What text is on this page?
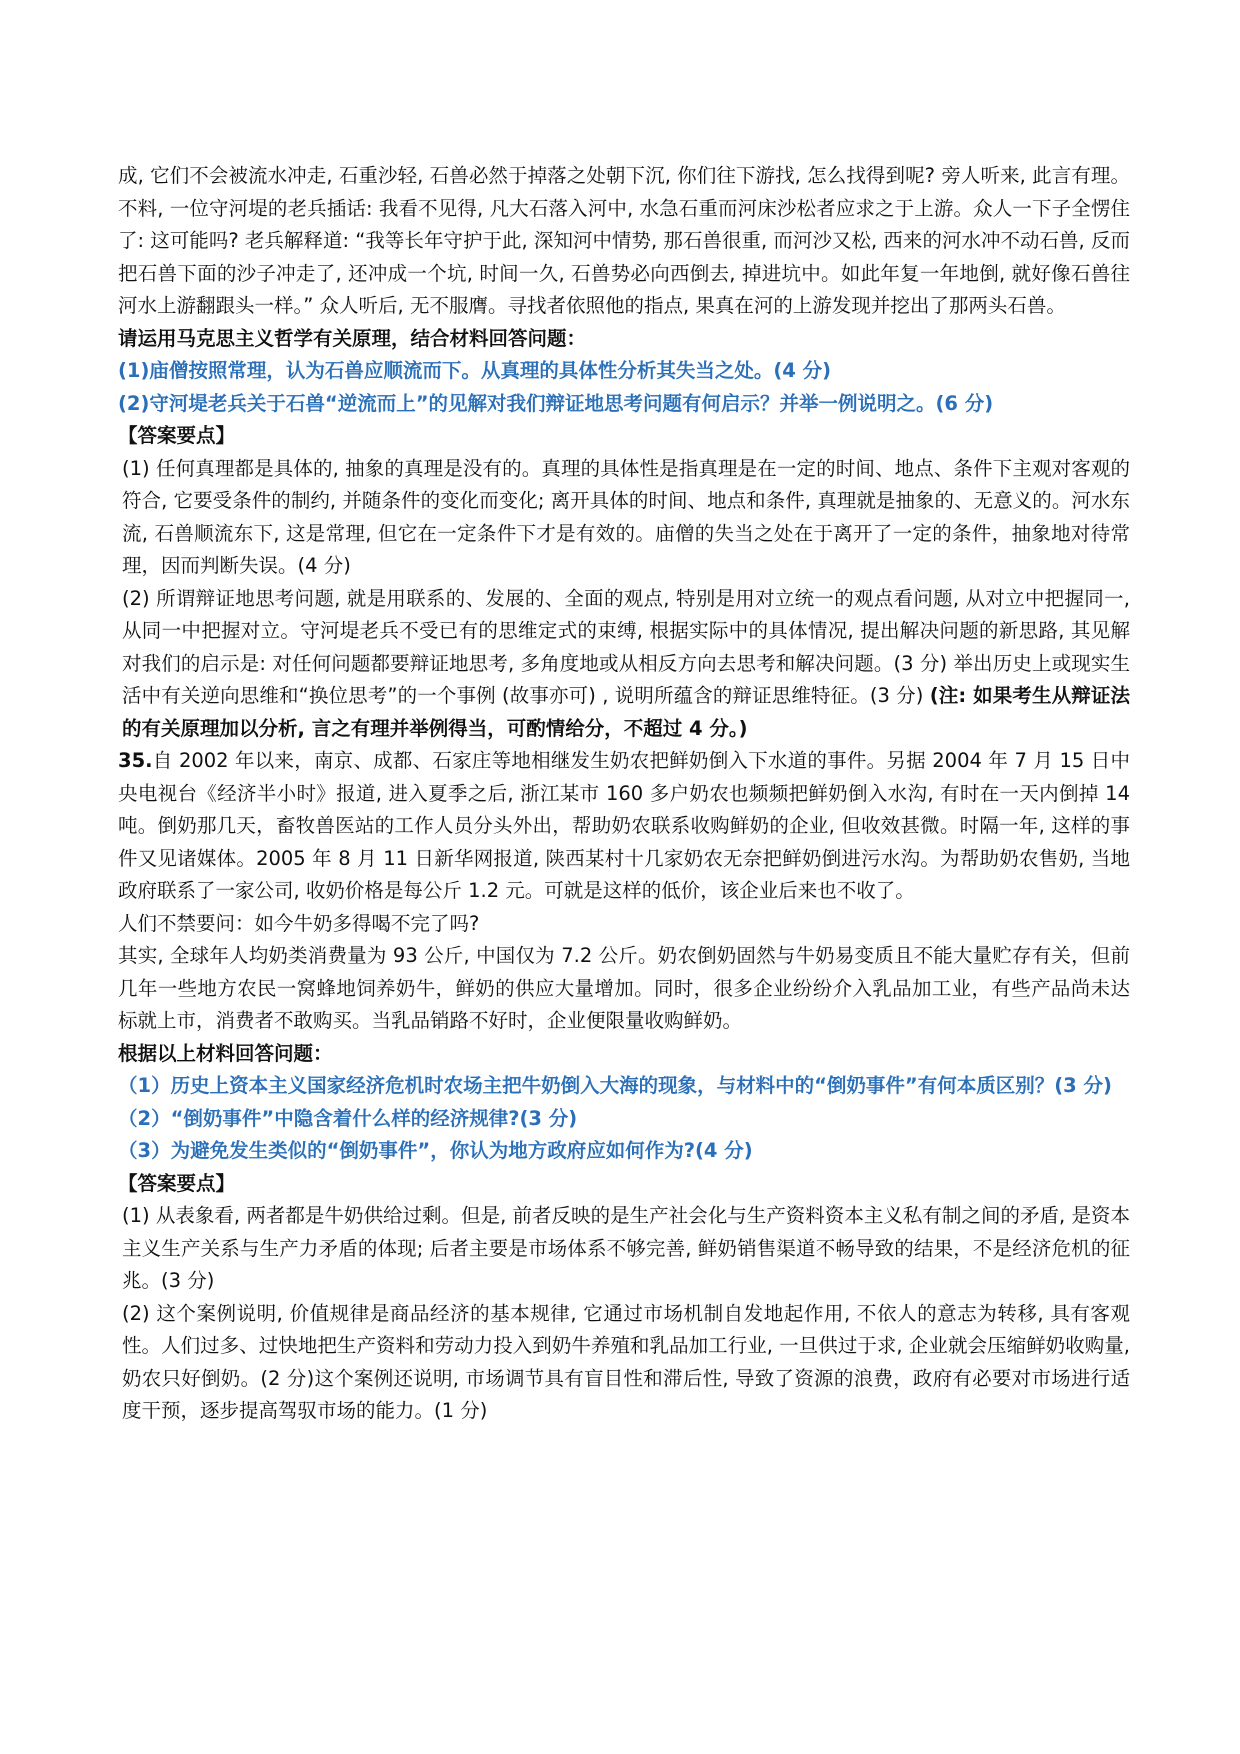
成, 它们不会被流水冲走, 石重沙轻, 石兽必然于掉落之处朝下沉, 你们往下游找, 怎么找得到呢? 旁人听来, 此言有理。不料, 一位守河堤的老兵插话: 我看不见得, 凡大石落入河中, 水急石重而河床沙松者应求之于上游。众人一下子全愣住了: 这可能吗? 老兵解释道: “我等长年守护于此, 深知河中情势, 那石兽很重, 而河沙又松, 西来的河水冲不动石兽, 反而把石兽下面的沙子冲走了, 还冲成一个坑, 时间一久, 石兽势必向西倒去, 掉进坑中。如此年复一年地倒, 就好像石兽往河水上游翻跟头一样。” 众人听后, 无不服膺。寻找者依照他的指点, 果真在河的上游发现并挖出了那两头石兽。

请运用马克思主义哲学有关原理，结合材料回答问题：

(1)庙僧按照常理，认为石兽应顺流而下。从真理的具体性分析其失当之处。(4 分)

(2)守河堤老兵关于石兽“逆流而上”的见解对我们辩证地思考问题有何启示？并举一例说明之。(6 分)

【答案要点】

(1) 任何真理都是具体的, 抽象的真理是没有的。真理的具体性是指真理是在一定的时间、地点、条件下主观对客观的符合, 它要受条件的制约, 并随条件的变化而变化; 离开具体的时间、地点和条件, 真理就是抽象的、无意义的。河水东流, 石兽顺流东下, 这是常理, 但它在一定条件下才是有效的。庙僧的失当之处在于离开了一定的条件，抽象地对待常理，因而判断失误。(4 分)

(2) 所谓辩证地思考问题, 就是用联系的、发展的、全面的观点, 特别是用对立统一的观点看问题, 从对立中把握同一, 从同一中把握对立。守河堤老兵不受已有的思维定式的束缚, 根据实际中的具体情况, 提出解决问题的新思路, 其见解对我们的启示是: 对任何问题都要辩证地思考, 多角度地或从相反方向去思考和解决问题。(3 分) 举出历史上或现实生活中有关逆向思维和“换位思考”的一个事例 (故事亦可) , 说明所蕴含的辩证思维特征。(3 分) (注: 如果考生从辩证法的有关原理加以分析, 言之有理并举例得当，可酌情给分，不超过 4 分。)

35.自 2002 年以来，南京、成都、石家庄等地相继发生奶农把鲜奶倒入下水道的事件。另据 2004 年 7 月 15 日中央电视台《经济半小时》报道, 进入夏季之后, 浙江某市 160 多户奶农也频频把鲜奶倒入水沟, 有时在一天内倒掉 14 吨。倒奶那几天，畜牧兽医站的工作人员分头外出，帮助奶农联系收购鲜奶的企业, 但收效甚微。时隔一年, 这样的事件又见诸媒体。2005 年 8 月 11 日新华网报道, 陕西某村十几家奶农无奈把鲜奶倒进污水沟。为帮助奶农售奶, 当地政府联系了一家公司, 收奶价格是每公斤 1.2 元。可就是这样的低价，该企业后来也不收了。

人们不禁要问：如今牛奶多得喝不完了吗?

其实, 全球年人均奶类消费量为 93 公斤, 中国仅为 7.2 公斤。奶农倒奶固然与牛奶易变质且不能大量贮存有关，但前几年一些地方农民一窝蜂地饲养奶牛，鲜奶的供应大量增加。同时，很多企业纷纷介入乳品加工业，有些产品尚未达标就上市，消费者不敢购买。当乳品销路不好时，企业便限量收购鲜奶。

根据以上材料回答问题：

（1）历史上资本主义国家经济危机时农场主把牛奶倒入大海的现象，与材料中的“倒奶事件”有何本质区别？(3 分)

（2）“倒奶事件”中隐含着什么样的经济规律?(3 分)

（3）为避免发生类似的“倒奶事件”，你认为地方政府应如何作为?(4 分)

【答案要点】

(1) 从表象看, 两者都是牛奶供给过剩。但是, 前者反映的是生产社会化与生产资料资本主义私有制之间的矛盾, 是资本主义生产关系与生产力矛盾的体现; 后者主要是市场体系不够完善, 鲜奶销售渠道不畅导致的结果，不是经济危机的征兆。(3 分)

(2) 这个案例说明, 价值规律是商品经济的基本规律, 它通过市场机制自发地起作用, 不依人的意志为转移, 具有客观性。人们过多、过快地把生产资料和劳动力投入到奶牛养殖和乳品加工行业, 一旦供过于求, 企业就会压缩鲜奶收购量, 奶农只好倒奶。(2 分)这个案例还说明, 市场调节具有盲目性和滞后性, 导致了资源的浪费，政府有必要对市场进行适度干预，逐步提高驾驭市场的能力。(1 分)
